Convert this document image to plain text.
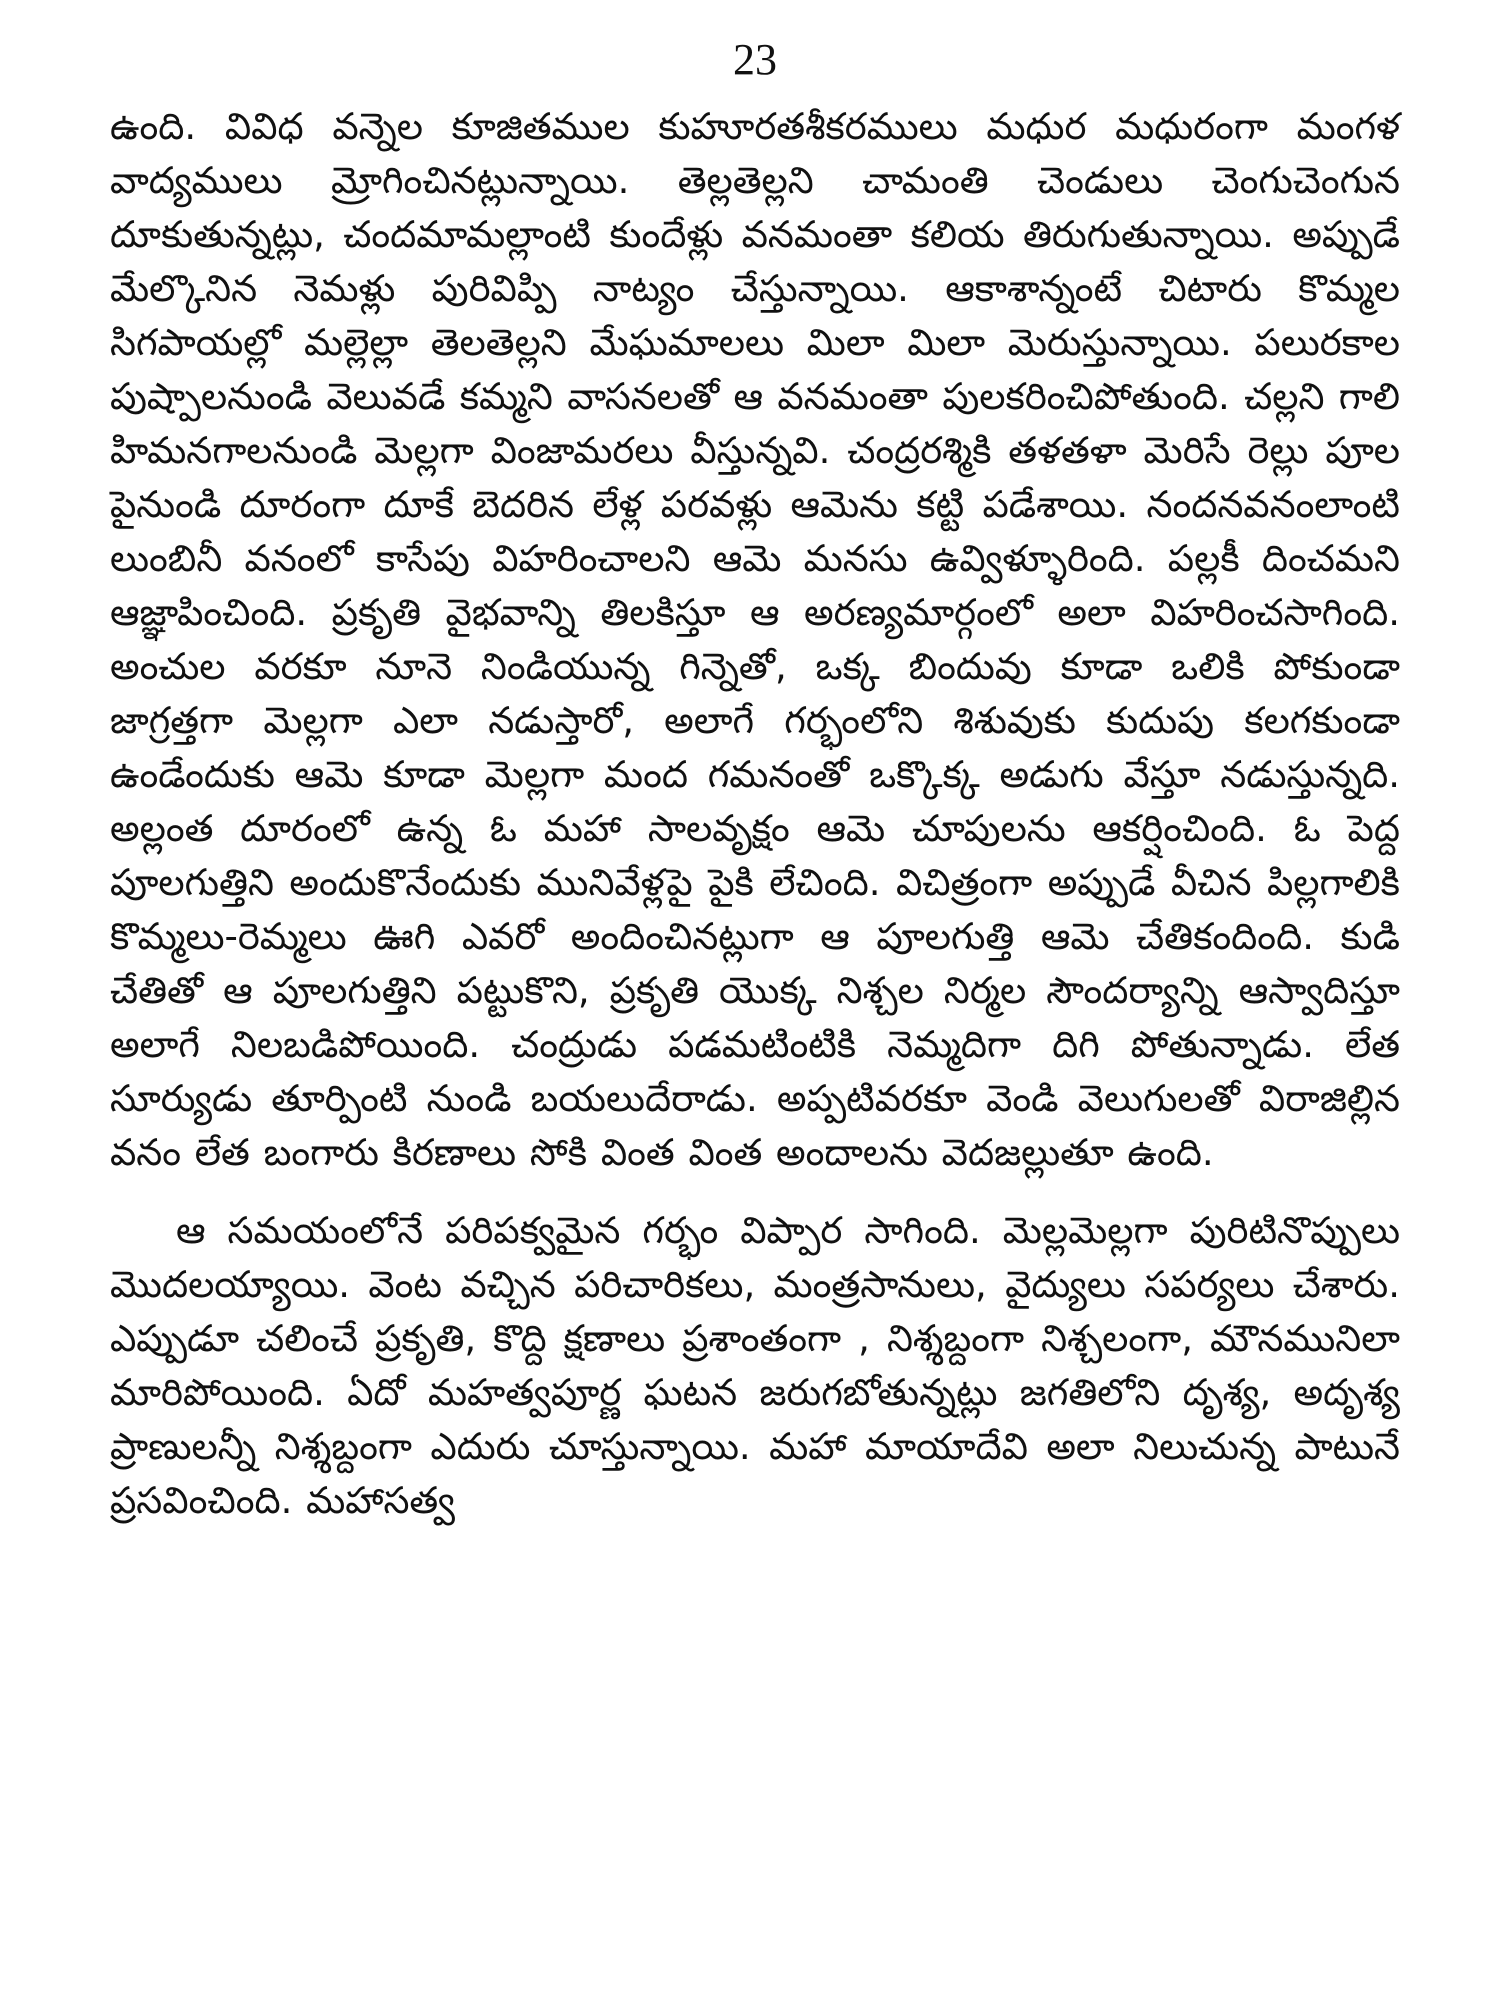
23

ఉంది. వివిధ వన్నెల కూజితముల కుహూరతశీకరములు మధుర మధురంగా మంగళ వాద్యములు మ్రోగించినట్లున్నాయి. తెల్లతెల్లని చామంతి చెండులు చెంగుచెంగున దూకుతున్నట్లు, చందమామల్లాంటి కుందేళ్లు వనమంతా కలియ తిరుగుతున్నాయి. అప్పుడే మేల్కొనిన నెమళ్లు పురివిప్పి నాట్యం చేస్తున్నాయి. ఆకాశాన్నంటే చిటారు కొమ్మల సిగపాయల్లో మల్లెల్లా తెలతెల్లని మేఘమాలలు మిలా మిలా మెరుస్తున్నాయి. పలురకాల పుష్పాలనుండి వెలువడే కమ్మని వాసనలతో ఆ వనమంతా పులకరించిపోతుంది. చల్లని గాలి హిమనగాలనుండి మెల్లగా వింజామరలు వీస్తున్నవి. చంద్రరశ్మికి తళతళా మెరిసే రెల్లు పూల పైనుండి దూరంగా దూకే బెదరిన లేళ్ల పరవళ్లు ఆమెను కట్టి పడేశాయి. నందనవనంలాంటి లుంబినీ వనంలో కాసేపు విహరించాలని ఆమె మనసు ఉవ్విళ్ళూరింది. పల్లకీ దించమని ఆజ్ఞాపించింది. ప్రకృతి వైభవాన్ని తిలకిస్తూ ఆ అరణ్యమార్గంలో అలా విహరించసాగింది. అంచుల వరకూ నూనె నిండియున్న గిన్నెతో, ఒక్క బిందువు కూడా ఒలికి పోకుండా జాగ్రత్తగా మెల్లగా ఎలా నడుస్తారో, అలాగే గర్భంలోని శిశువుకు కుదుపు కలగకుండా ఉండేందుకు ఆమె కూడా మెల్లగా మంద గమనంతో ఒక్కొక్క అడుగు వేస్తూ నడుస్తున్నది. అల్లంత దూరంలో ఉన్న ఓ మహా సాలవృక్షం ఆమె చూపులను ఆకర్షించింది. ఓ పెద్ద పూలగుత్తిని అందుకొనేందుకు మునివేళ్లపై పైకి లేచింది. విచిత్రంగా అప్పుడే వీచిన పిల్లగాలికి కొమ్మలు-రెమ్మలు ఊగి ఎవరో అందించినట్లుగా ఆ పూలగుత్తి ఆమె చేతికందింది. కుడి చేతితో ఆ పూలగుత్తిని పట్టుకొని, ప్రకృతి యొక్క నిశ్చల నిర్మల సౌందర్యాన్ని ఆస్వాదిస్తూ అలాగే నిలబడిపోయింది. చంద్రుడు పడమటింటికి నెమ్మదిగా దిగి పోతున్నాడు. లేత సూర్యుడు తూర్పింటి నుండి బయలుదేరాడు. అప్పటివరకూ వెండి వెలుగులతో విరాజిల్లిన వనం లేత బంగారు కిరణాలు సోకి వింత వింత అందాలను వెదజల్లుతూ ఉంది.

ఆ సమయంలోనే పరిపక్వమైన గర్భం విప్పార సాగింది. మెల్లమెల్లగా పురిటినొప్పులు మొదలయ్యాయి. వెంట వచ్చిన పరిచారికలు, మంత్రసానులు, వైద్యులు సపర్యలు చేశారు. ఎప్పుడూ చలించే ప్రకృతి, కొద్ది క్షణాలు ప్రశాంతంగా , నిశ్శబ్దంగా నిశ్చలంగా, మౌనమునిలా మారిపోయింది. ఏదో మహత్వపూర్ణ ఘటన జరుగబోతున్నట్లు జగతిలోని దృశ్య, అదృశ్య ప్రాణులన్నీ నిశ్శబ్దంగా ఎదురు చూస్తున్నాయి. మహా మాయాదేవి అలా నిలుచున్న పాటునే ప్రసవించింది. మహాసత్వ
